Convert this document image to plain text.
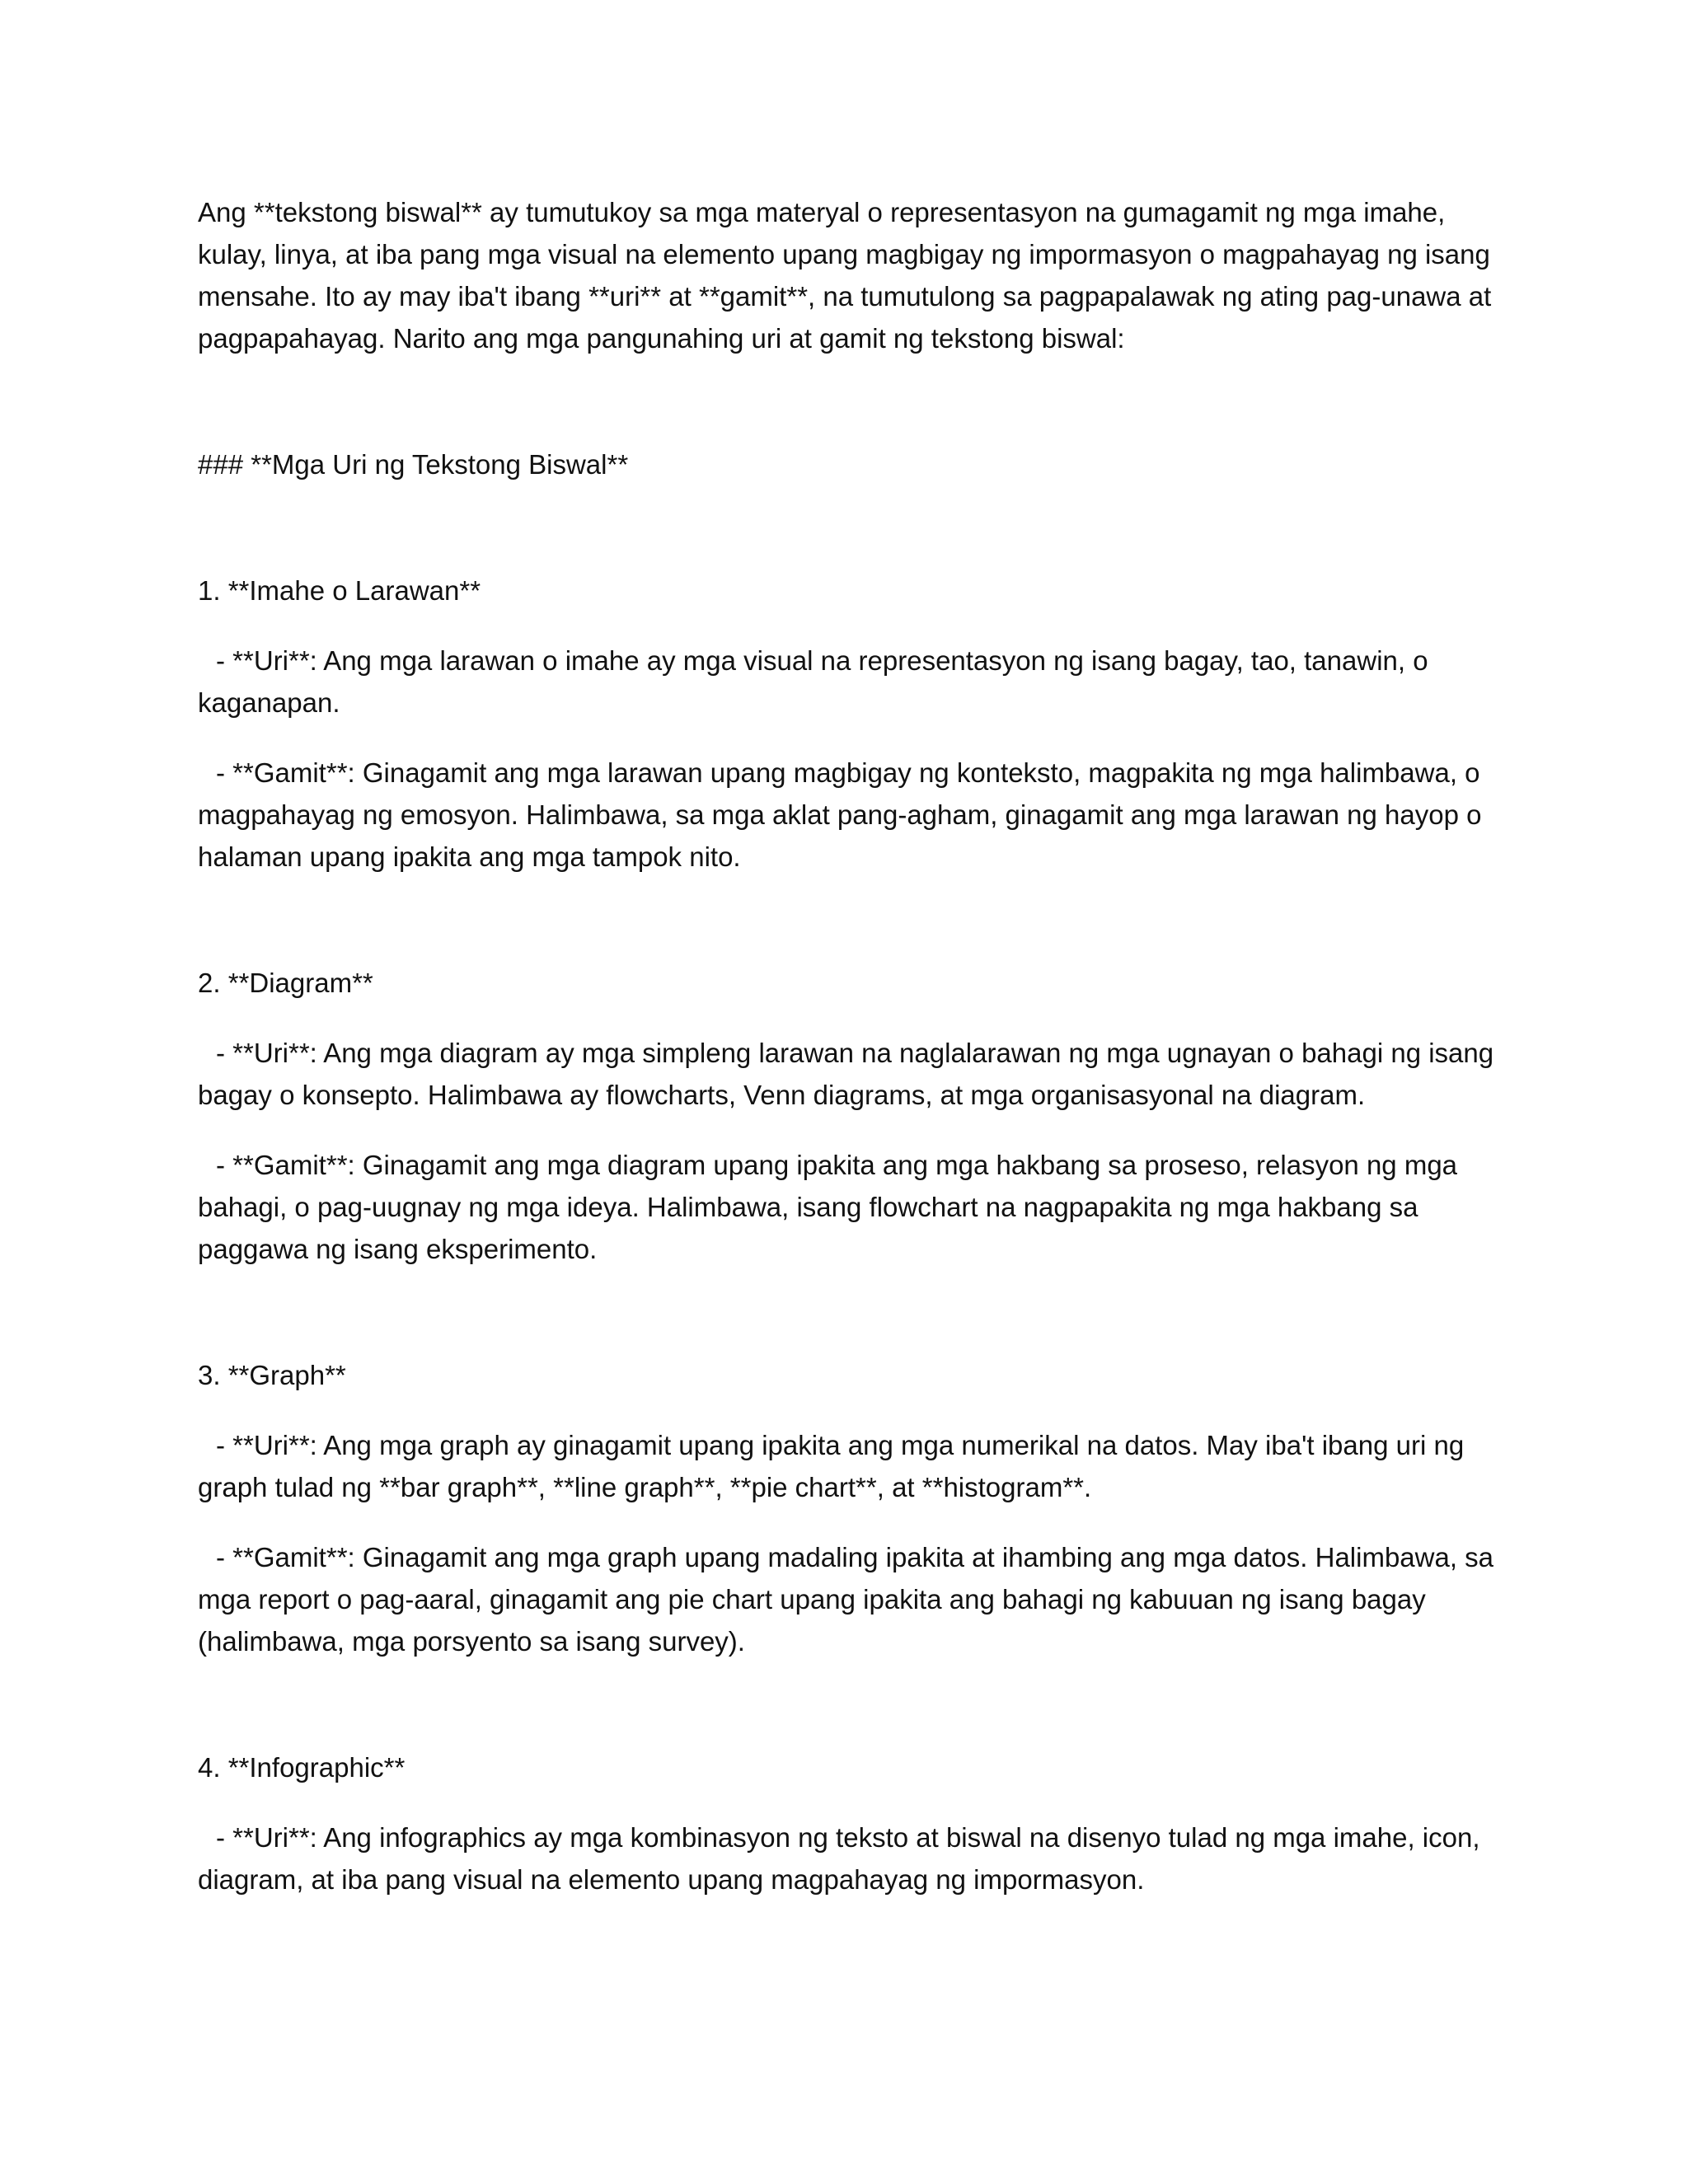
Ang **tekstong biswal** ay tumutukoy sa mga materyal o representasyon na gumagamit ng mga imahe, kulay, linya, at iba pang mga visual na elemento upang magbigay ng impormasyon o magpahayag ng isang mensahe. Ito ay may iba't ibang **uri** at **gamit**, na tumutulong sa pagpapalawak ng ating pag-unawa at pagpapahayag. Narito ang mga pangunahing uri at gamit ng tekstong biswal:

### **Mga Uri ng Tekstong Biswal**

1. **Imahe o Larawan**

- **Uri**: Ang mga larawan o imahe ay mga visual na representasyon ng isang bagay, tao, tanawin, o kaganapan.

- **Gamit**: Ginagamit ang mga larawan upang magbigay ng konteksto, magpakita ng mga halimbawa, o magpahayag ng emosyon. Halimbawa, sa mga aklat pang-agham, ginagamit ang mga larawan ng hayop o halaman upang ipakita ang mga tampok nito.

2. **Diagram**

- **Uri**: Ang mga diagram ay mga simpleng larawan na naglalarawan ng mga ugnayan o bahagi ng isang bagay o konsepto. Halimbawa ay flowcharts, Venn diagrams, at mga organisasyonal na diagram.

- **Gamit**: Ginagamit ang mga diagram upang ipakita ang mga hakbang sa proseso, relasyon ng mga bahagi, o pag-uugnay ng mga ideya. Halimbawa, isang flowchart na nagpapakita ng mga hakbang sa paggawa ng isang eksperimento.

3. **Graph**

- **Uri**: Ang mga graph ay ginagamit upang ipakita ang mga numerikal na datos. May iba't ibang uri ng graph tulad ng **bar graph**, **line graph**, **pie chart**, at **histogram**.

- **Gamit**: Ginagamit ang mga graph upang madaling ipakita at ihambing ang mga datos. Halimbawa, sa mga report o pag-aaral, ginagamit ang pie chart upang ipakita ang bahagi ng kabuuan ng isang bagay (halimbawa, mga porsyento sa isang survey).

4. **Infographic**

- **Uri**: Ang infographics ay mga kombinasyon ng teksto at biswal na disenyo tulad ng mga imahe, icon, diagram, at iba pang visual na elemento upang magpahayag ng impormasyon.
